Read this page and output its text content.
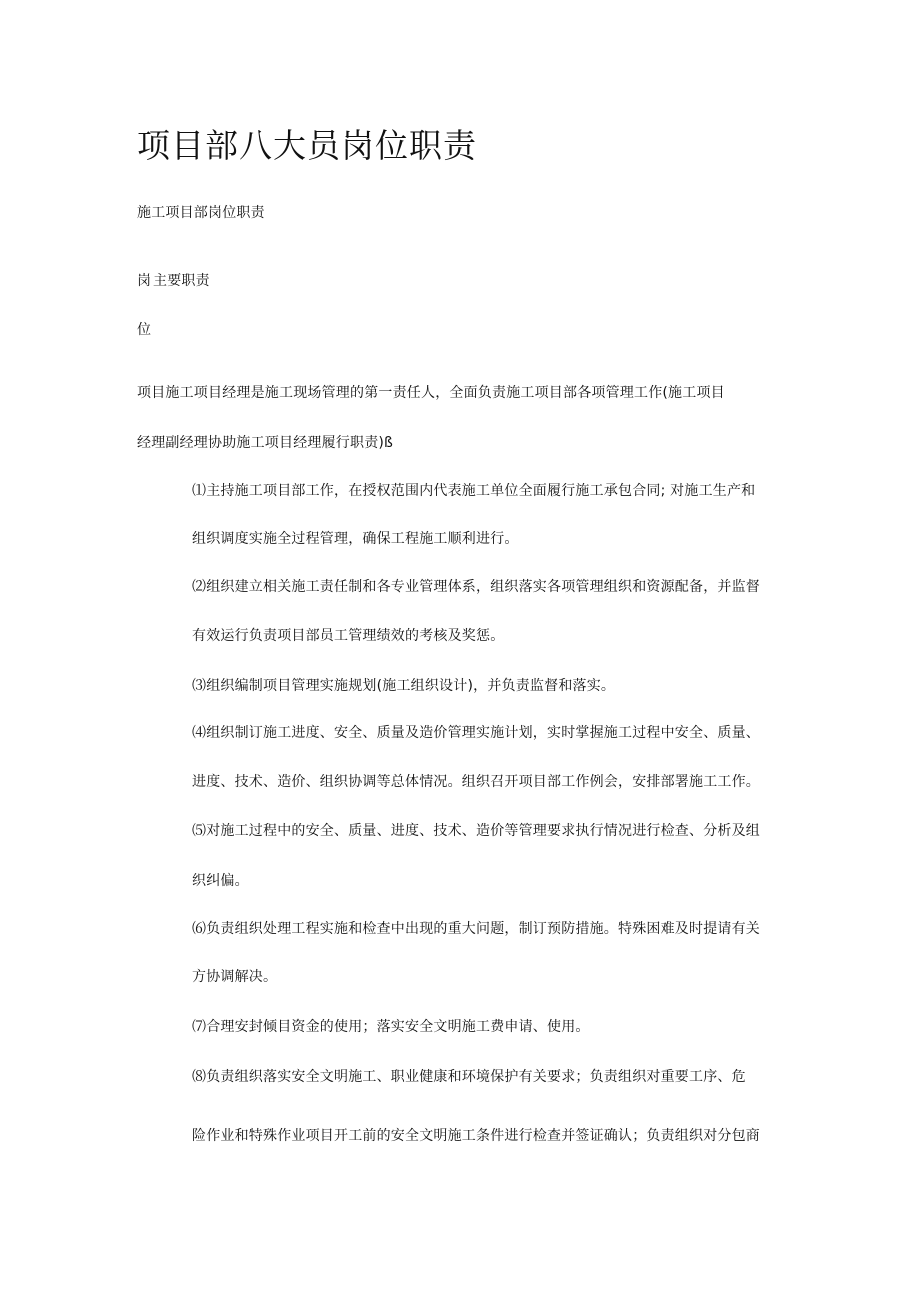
项目部八大员岗位职责
施工项目部岗位职责
岗 主要职责
位
项目施工项目经理是施工现场管理的第一责任人，全面负责施工项目部各项管理工作(施工项目
经理副经理协助施工项目经理履行职责)ß
⑴主持施工项目部工作，在授权范围内代表施工单位全面履行施工承包合同; 对施工生产和
组织调度实施全过程管理，确保工程施工顺利进行。
⑵组织建立相关施工责任制和各专业管理体系，组织落实各项管理组织和资源配备，并监督
有效运行负责项目部员工管理绩效的考核及奖惩。
⑶组织编制项目管理实施规划(施工组织设计)，并负责监督和落实。
⑷组织制订施工进度、安全、质量及造价管理实施计划，实时掌握施工过程中安全、质量、
进度、技术、造价、组织协调等总体情况。组织召开项目部工作例会，安排部署施工工作。
⑸对施工过程中的安全、质量、进度、技术、造价等管理要求执行情况进行检查、分析及组
织纠偏。
⑹负责组织处理工程实施和检查中出现的重大问题，制订预防措施。特殊困难及时提请有关
方协调解决。
⑺合理安封倾目资金的使用；落实安全文明施工费申请、使用。
⑻负责组织落实安全文明施工、职业健康和环境保护有关要求；负责组织对重要工序、危
险作业和特殊作业项目开工前的安全文明施工条件进行检查并签证确认；负责组织对分包商
